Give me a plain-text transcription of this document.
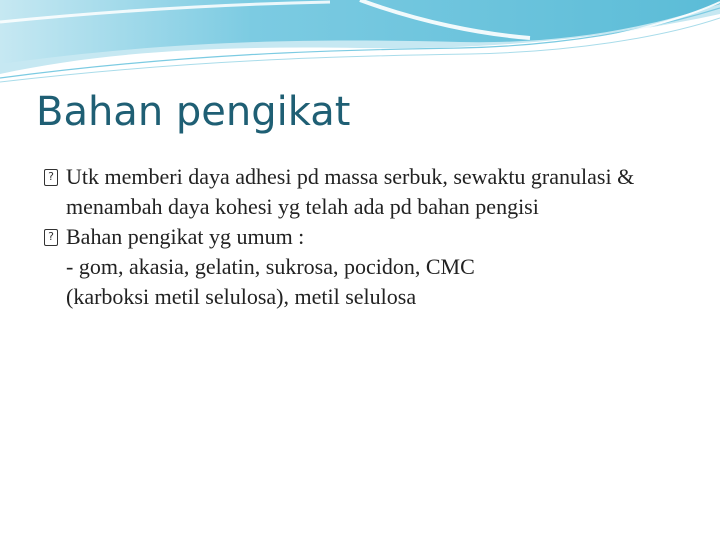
Bahan pengikat

? Utk memberi daya adhesi pd massa serbuk, sewaktu granulasi & menambah daya kohesi yg telah ada pd bahan pengisi

? Bahan pengikat yg umum :
- gom, akasia, gelatin, sukrosa, pocidon, CMC
(karboksi metil selulosa), metil selulosa
